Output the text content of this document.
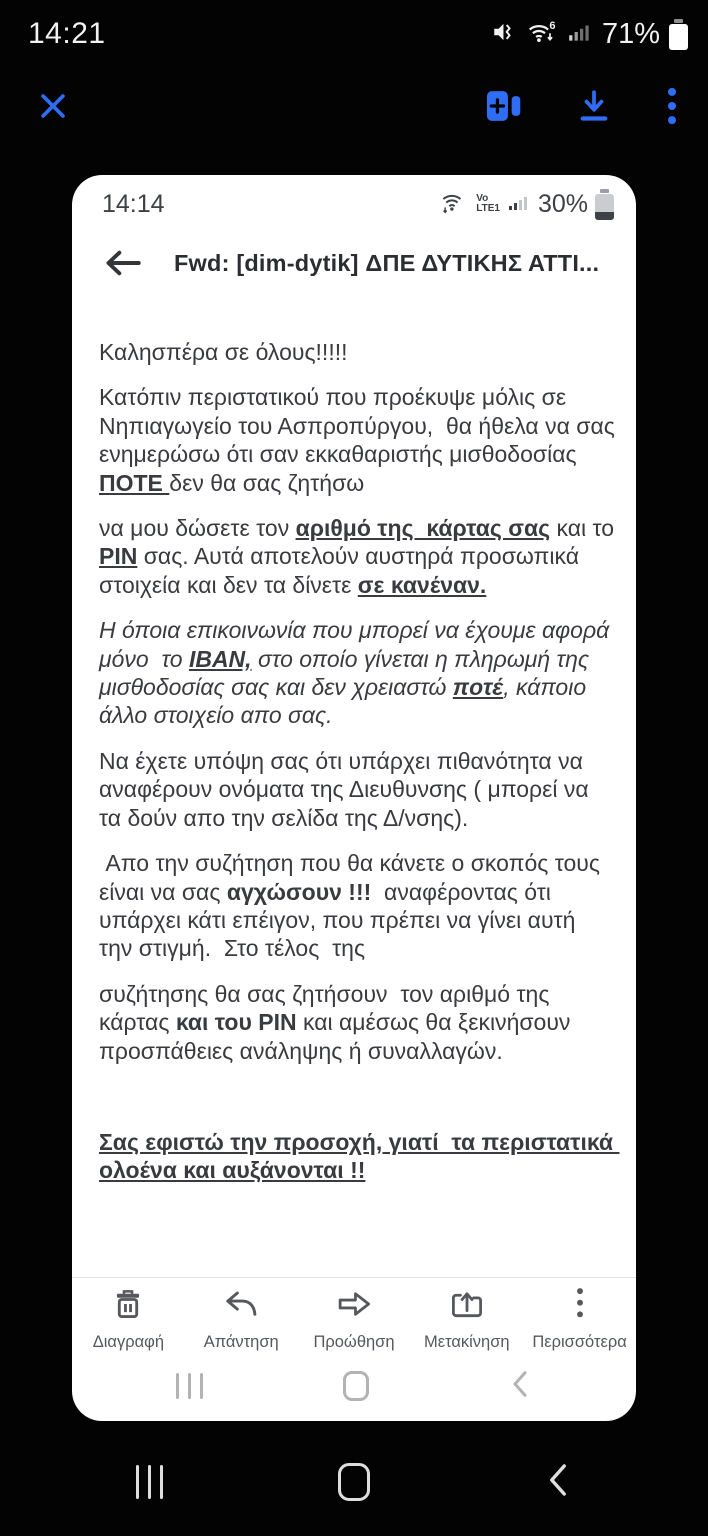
14:21	6 71%
14:14	Vo
LTE1 30%
Fwd: [dim-dytik] ΔΠΕ ΔΥΤΙΚΗΣ ΑΤΤΙ...

Καλησπέρα σε όλους!!!!!

Κατόπιν περιστατικού που προέκυψε μόλις σε Νηπιαγωγείο του Ασπροπύργου,  θα ήθελα να σας ενημερώσω ότι σαν εκκαθαριστής μισθοδοσίας ΠΟΤΕ δεν θα σας ζητήσω

να μου δώσετε τον αριθμό της  κάρτας σας και το PIN σας. Αυτά αποτελούν αυστηρά προσωπικά  στοιχεία και δεν τα δίνετε σε κανέναν.

Η όποια επικοινωνία που μπορεί να έχουμε αφορά μόνο  το IBAN, στο οποίο γίνεται η πληρωμή της μισθοδοσίας σας και δεν χρειαστώ ποτέ, κάποιο άλλο στοιχείο απο σας.

Να έχετε υπόψη σας ότι υπάρχει πιθανότητα να αναφέρουν ονόματα της Διευθυνσης ( μπορεί να τα δούν απο την σελίδα της Δ/νσης).

Απο την συζήτηση που θα κάνετε ο σκοπός τους είναι να σας αγχώσουν !!!  αναφέροντας ότι υπάρχει κάτι επέιγον, που πρέπει να γίνει αυτή την στιγμή.  Στο τέλος  της

συζήτησης θα σας ζητήσουν  τον αριθμό της κάρτας και του PIN και αμέσως θα ξεκινήσουν προσπάθειες ανάληψης ή συναλλαγών.

Σας εφιστώ την προσοχή, γιατί  τα περιστατικά ολοένα και αυξάνονται !!

Διαγραφή Απάντηση Προώθηση Μετακίνηση Περισσότερα
